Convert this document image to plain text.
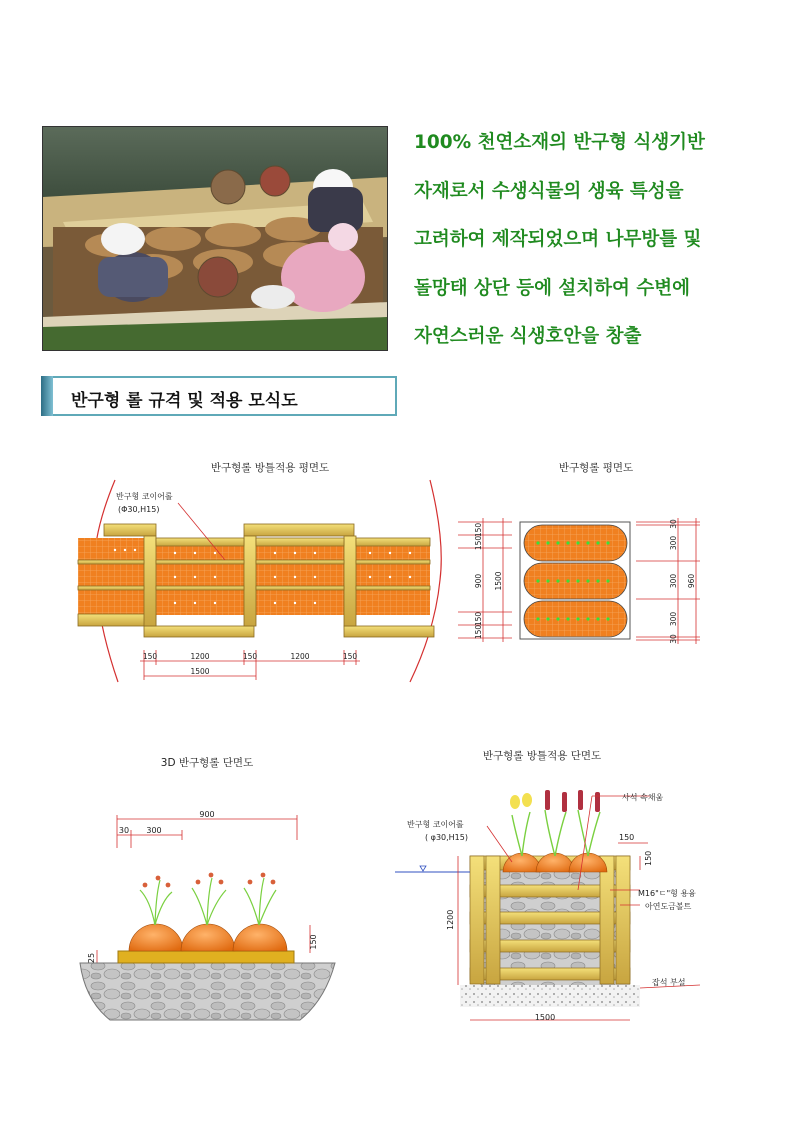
100% 천연소재의 반구형 식생기반
자재로서 수생식물의 생육 특성을
고려하여 제작되었으며 나무방틀 및
돌망태 상단 등에 설치하여 수변에
자연스러운 식생호안을 창출
반구형 롤 규격 및 적용 모식도
반구형롤 방틀적용 평면도
반구형 코이어롤
(Φ30,H15)
150	1200	150	1200	150
1500
반구형롤 평면도
150
150
900 1500
150
150
30
300
300 960
300
30
3D 반구형롤 단면도
900
30 300
25
150
반구형롤 방틀적용 단면도
반구형 코이어롤
( φ30,H15)
사석 속채움
150
150
M16"ㄷ"형 용융
아연도금볼트
잡석 부설
1200
1500
